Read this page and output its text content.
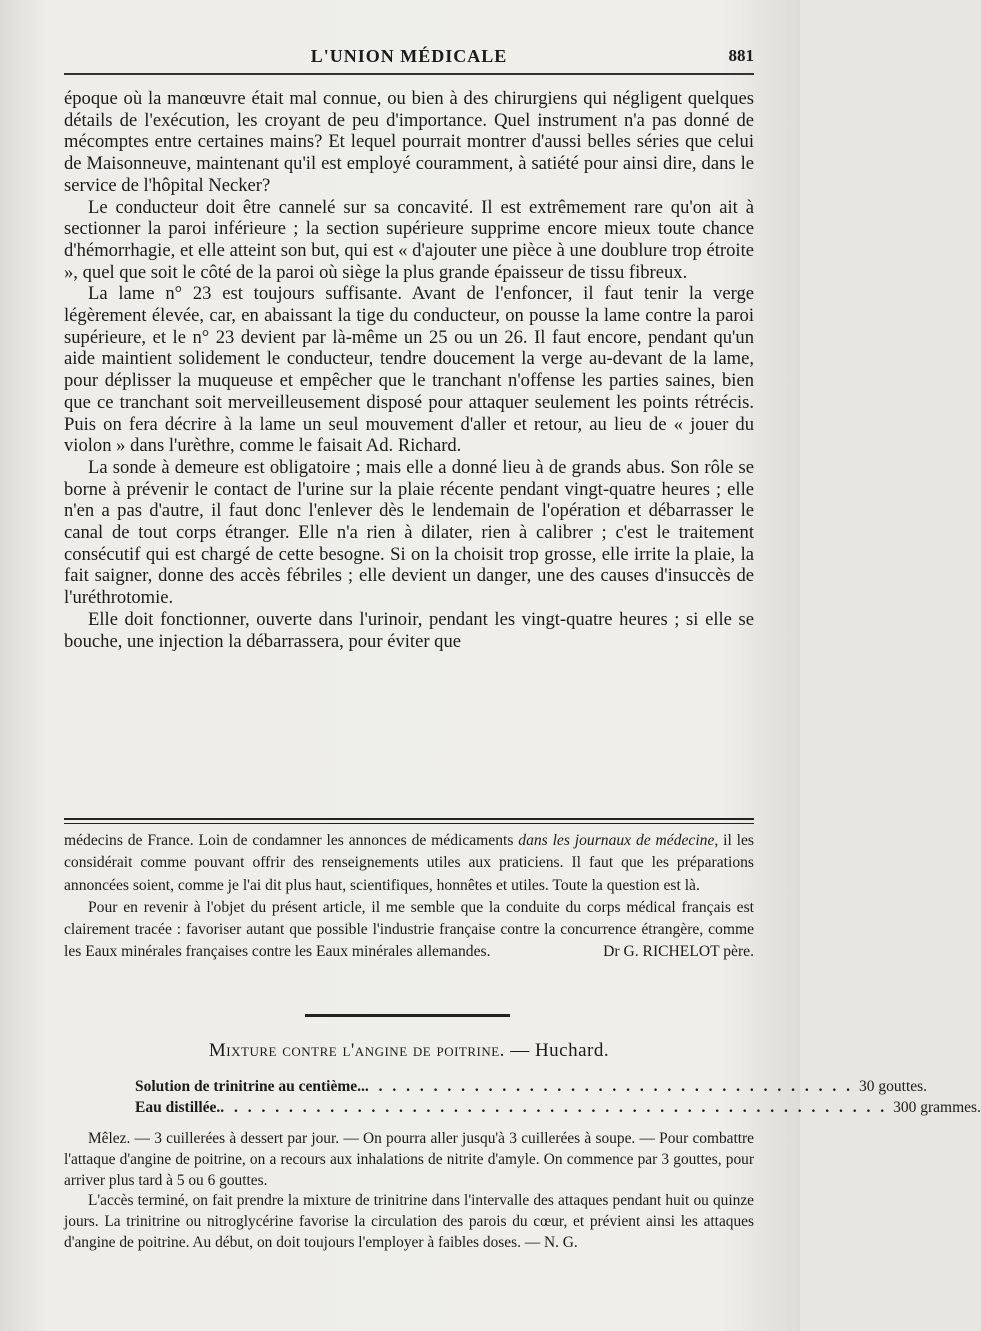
L'UNION MÉDICALE	881

époque où la manœuvre était mal connue, ou bien à des chirurgiens qui négligent quelques détails de l'exécution, les croyant de peu d'importance. Quel instrument n'a pas donné de mécomptes entre certaines mains? Et lequel pourrait montrer d'aussi belles séries que celui de Maisonneuve, maintenant qu'il est employé couramment, à satiété pour ainsi dire, dans le service de l'hôpital Necker?

Le conducteur doit être cannelé sur sa concavité. Il est extrêmement rare qu'on ait à sectionner la paroi inférieure ; la section supérieure supprime encore mieux toute chance d'hémorrhagie, et elle atteint son but, qui est « d'ajouter une pièce à une doublure trop étroite », quel que soit le côté de la paroi où siège la plus grande épaisseur de tissu fibreux.

La lame n° 23 est toujours suffisante. Avant de l'enfoncer, il faut tenir la verge légèrement élevée, car, en abaissant la tige du conducteur, on pousse la lame contre la paroi supérieure, et le n° 23 devient par là-même un 25 ou un 26. Il faut encore, pendant qu'un aide maintient solidement le conducteur, tendre doucement la verge au-devant de la lame, pour déplisser la muqueuse et empêcher que le tranchant n'offense les parties saines, bien que ce tranchant soit merveilleusement disposé pour attaquer seulement les points rétrécis. Puis on fera décrire à la lame un seul mouvement d'aller et retour, au lieu de « jouer du violon » dans l'urèthre, comme le faisait Ad. Richard.

La sonde à demeure est obligatoire ; mais elle a donné lieu à de grands abus. Son rôle se borne à prévenir le contact de l'urine sur la plaie récente pendant vingt-quatre heures ; elle n'en a pas d'autre, il faut donc l'enlever dès le lendemain de l'opération et débarrasser le canal de tout corps étranger. Elle n'a rien à dilater, rien à calibrer ; c'est le traitement consécutif qui est chargé de cette besogne. Si on la choisit trop grosse, elle irrite la plaie, la fait saigner, donne des accès fébriles ; elle devient un danger, une des causes d'insuccès de l'uréthrotomie.

Elle doit fonctionner, ouverte dans l'urinoir, pendant les vingt-quatre heures ; si elle se bouche, une injection la débarrassera, pour éviter que

médecins de France. Loin de condamner les annonces de médicaments dans les journaux de médecine, il les considérait comme pouvant offrir des renseignements utiles aux praticiens. Il faut que les préparations annoncées soient, comme je l'ai dit plus haut, scientifiques, honnêtes et utiles. Toute la question est là.

Pour en revenir à l'objet du présent article, il me semble que la conduite du corps médical français est clairement tracée : favoriser autant que possible l'industrie française contre la concurrence étrangère, comme les Eaux minérales françaises contre les Eaux minérales allemandes.	Dr G. RICHELOT père.

Mixture contre l'angine de poitrine. — Huchard.
Solution de trinitrine au centième.. . . . . . . . . . . . . . . . . . . . . . . . . . . . . . . . . . . . . 30 gouttes.
Eau distillée. . . . . . . . . . . . . . . . . . . . . . . . . . . . . . . . . . . . . . . . . . . . . . . . . . 300 grammes.

Mêlez. — 3 cuillerées à dessert par jour. — On pourra aller jusqu'à 3 cuillerées à soupe. — Pour combattre l'attaque d'angine de poitrine, on a recours aux inhalations de nitrite d'amyle. On commence par 3 gouttes, pour arriver plus tard à 5 ou 6 gouttes.

L'accès terminé, on fait prendre la mixture de trinitrine dans l'intervalle des attaques pendant huit ou quinze jours. La trinitrine ou nitroglycérine favorise la circulation des parois du cœur, et prévient ainsi les attaques d'angine de poitrine. Au début, on doit toujours l'employer à faibles doses. — N. G.
